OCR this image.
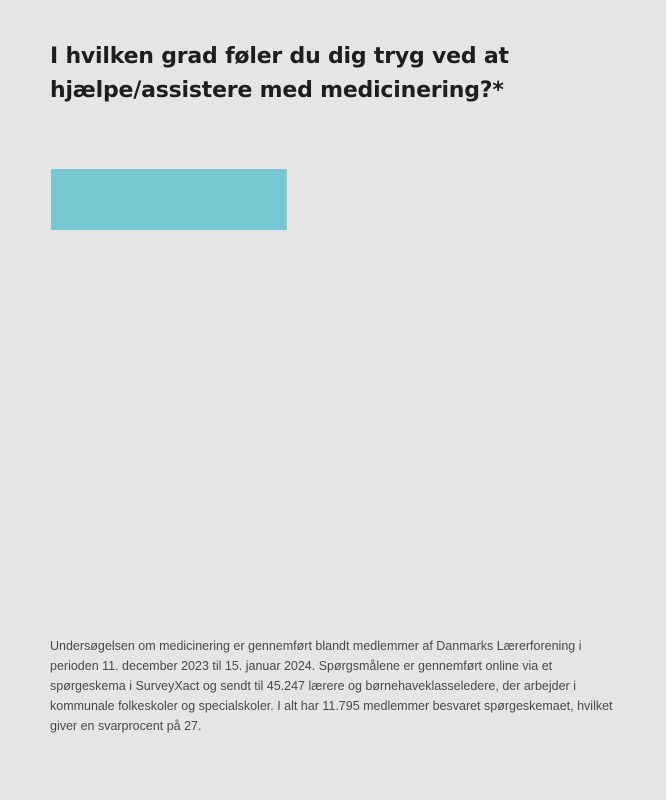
I hvilken grad føler du dig tryg ved at hjælpe/assistere med medicinering?*

Undersøgelsen om medicinering er gennemført blandt medlemmer af Danmarks Lærerforening i perioden 11. december 2023 til 15. januar 2024. Spørgsmålene er gennemført online via et spørgeskema i SurveyXact og sendt til 45.247 lærere og børnehaveklasseledere, der arbejder i kommunale folkeskoler og specialskoler. I alt har 11.795 medlemmer besvaret spørgeskemaet, hvilket giver en svarprocent på 27.
